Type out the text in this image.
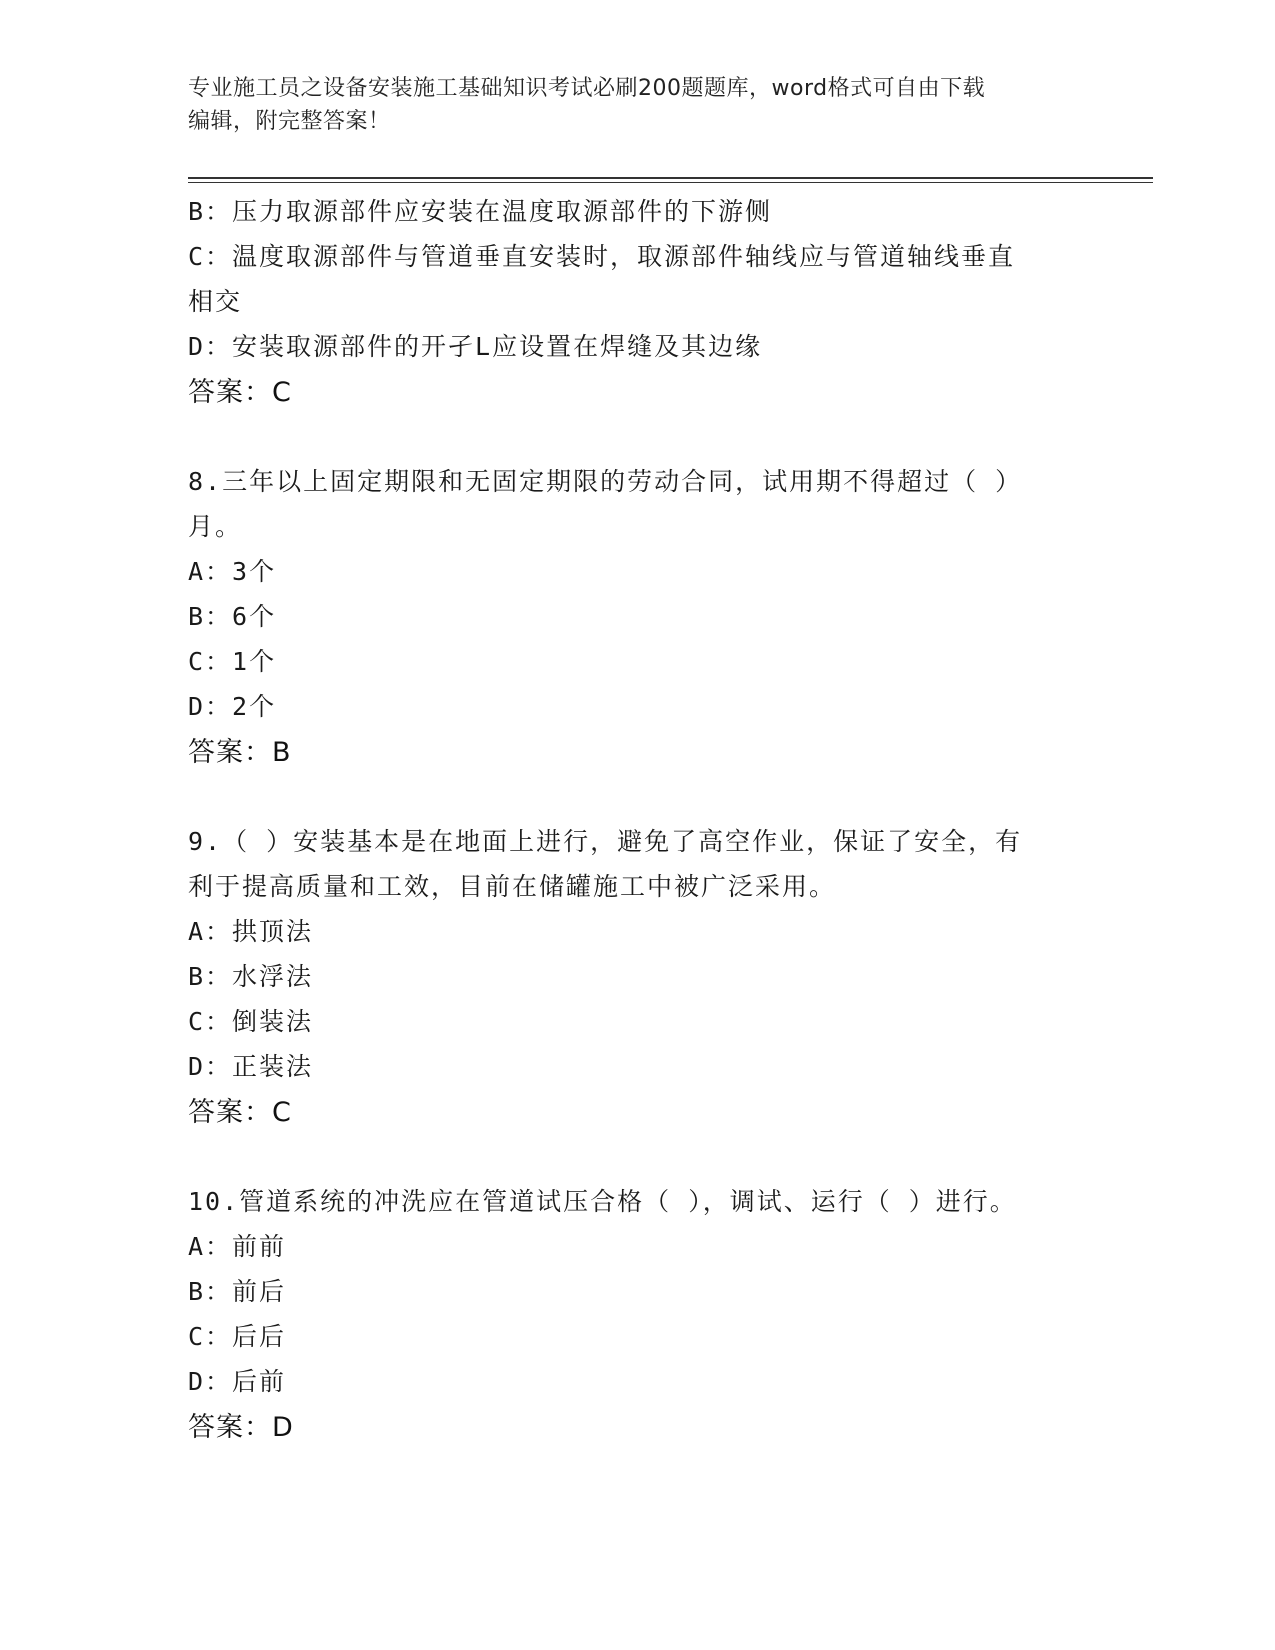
专业施工员之设备安装施工基础知识考试必刷200题题库，word格式可自由下载
编辑，附完整答案！
B：压力取源部件应安装在温度取源部件的下游侧
C：温度取源部件与管道垂直安装时，取源部件轴线应与管道轴线垂直
相交
D：安装取源部件的开孑L应设置在焊缝及其边缘
答案：C
8.三年以上固定期限和无固定期限的劳动合同，试用期不得超过（ ）
月。
A：3个
B：6个
C：1个
D：2个
答案：B
9.（ ）安装基本是在地面上进行，避免了高空作业，保证了安全，有
利于提高质量和工效，目前在储罐施工中被广泛采用。
A：拱顶法
B：水浮法
C：倒装法
D：正装法
答案：C
10.管道系统的冲洗应在管道试压合格（ ），调试、运行（ ）进行。
A：前前
B：前后
C：后后
D：后前
答案：D
